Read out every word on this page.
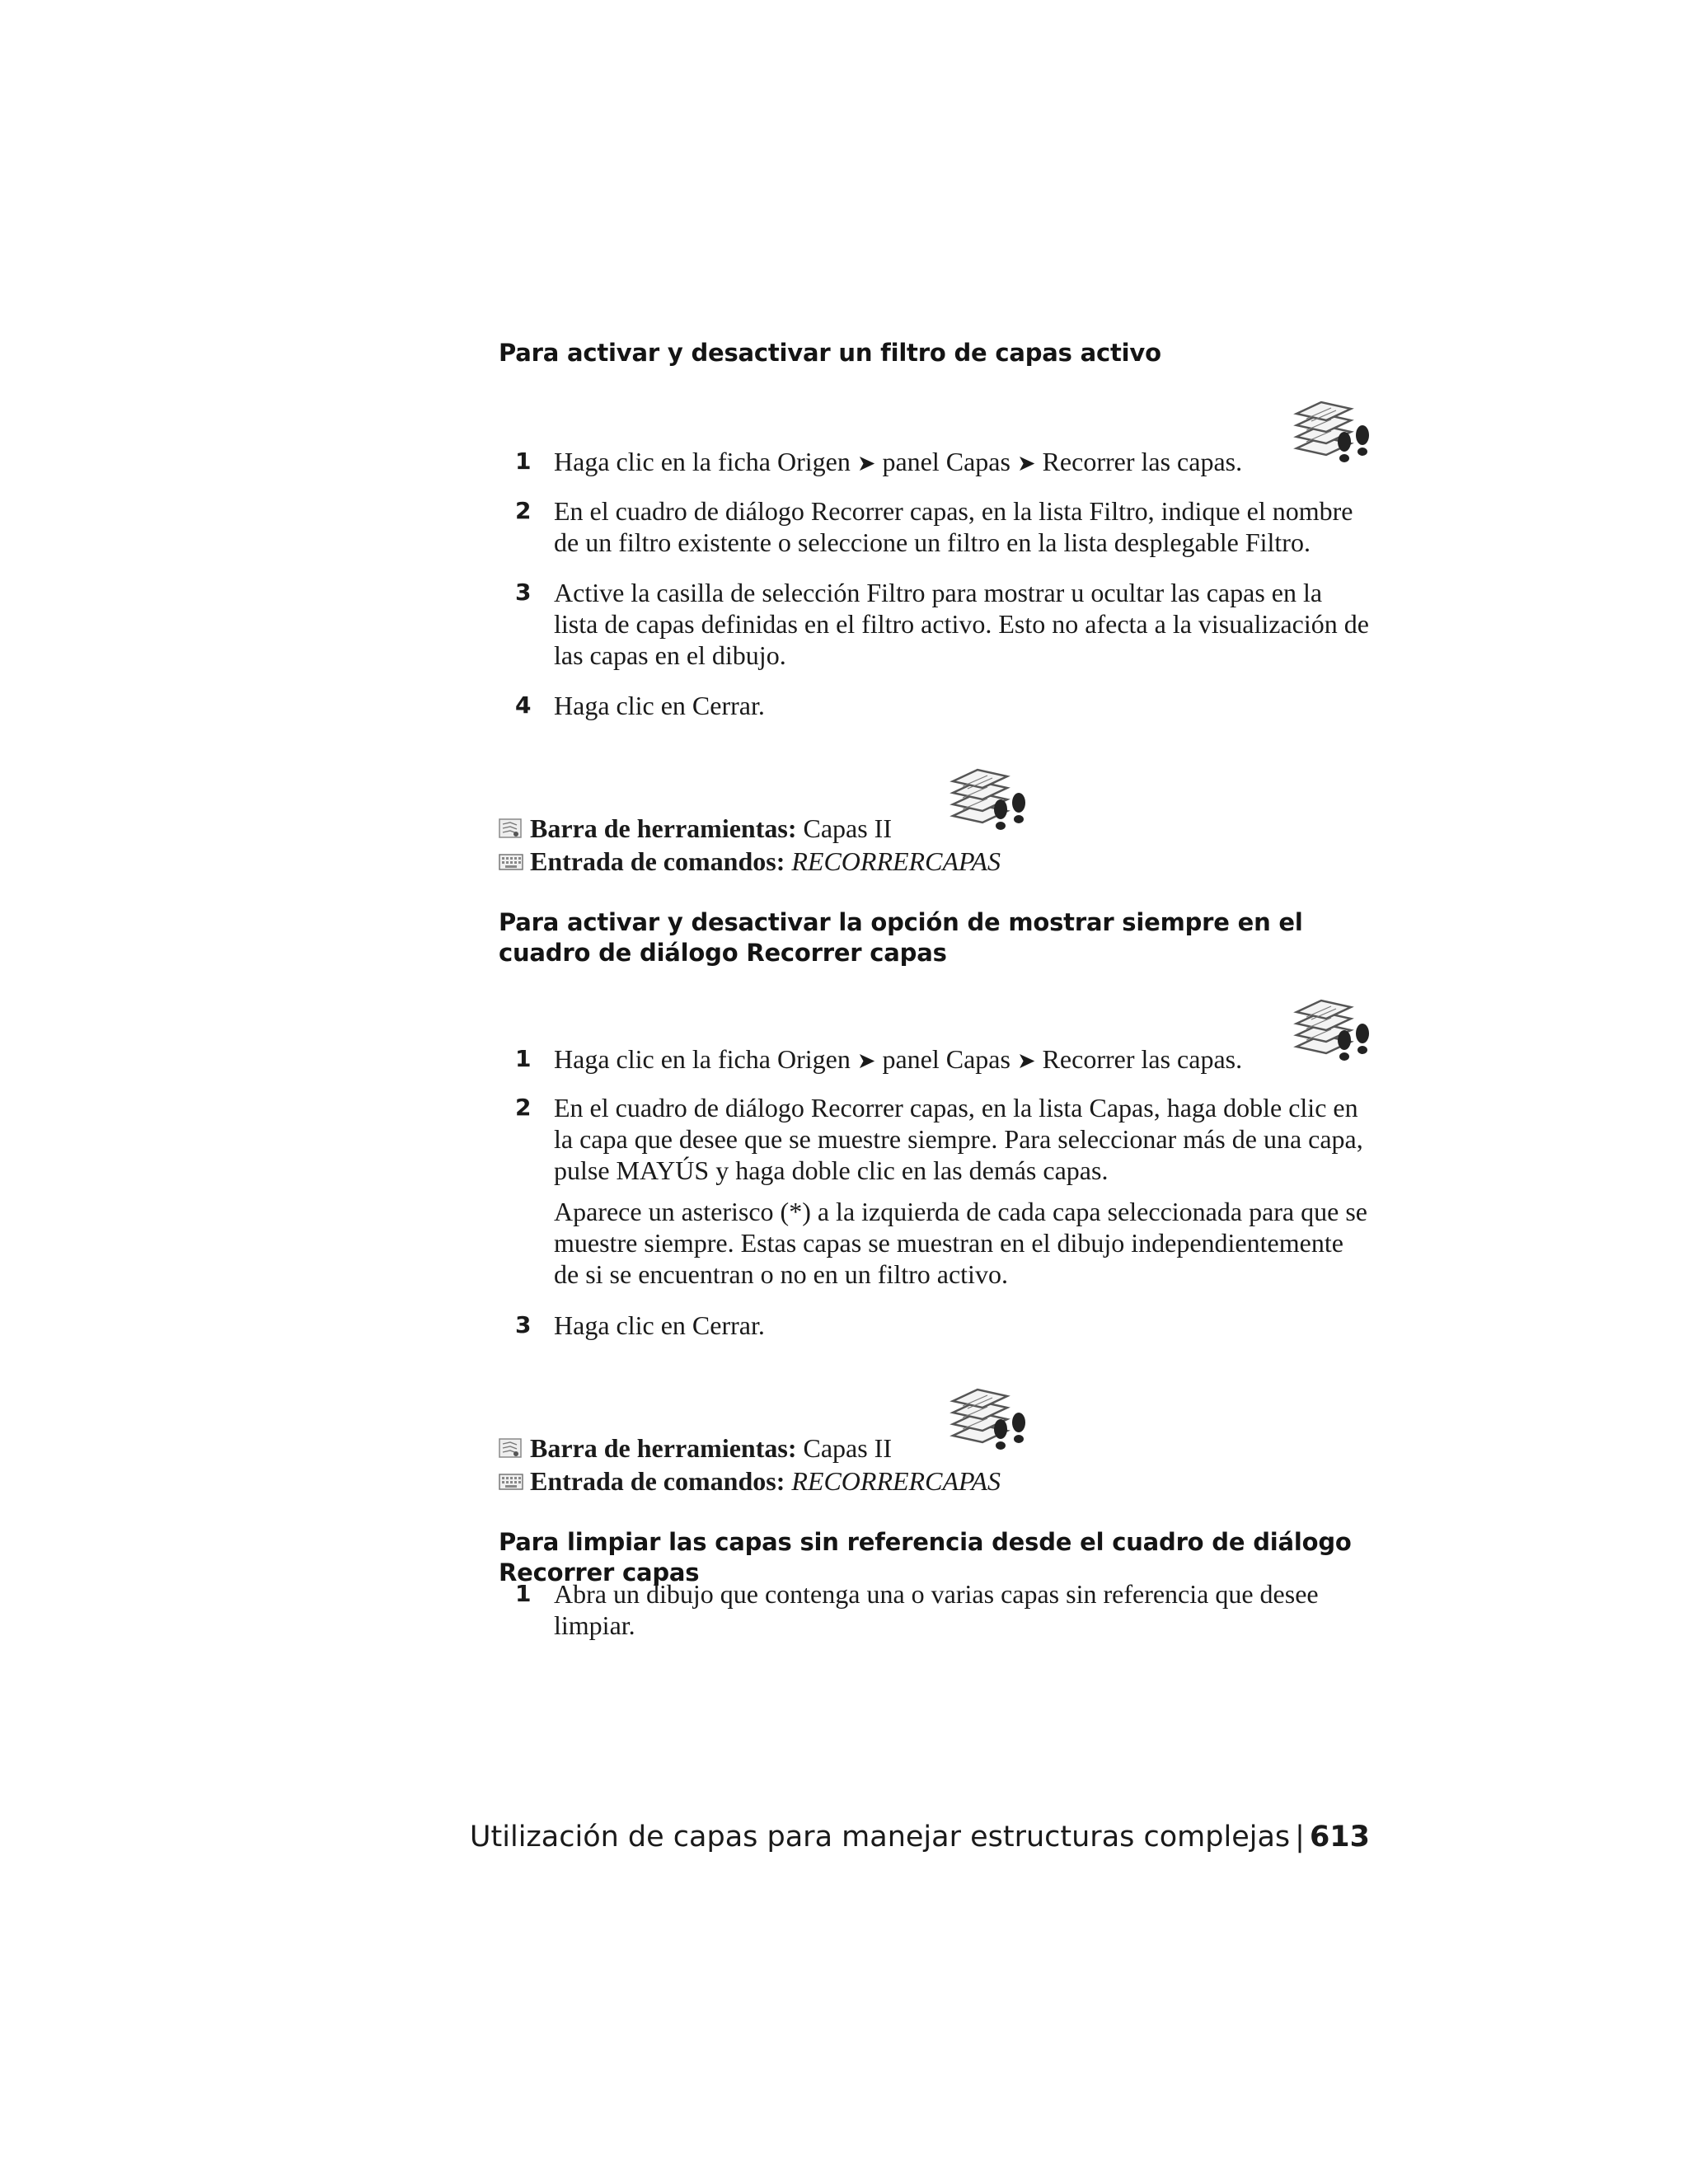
Para activar y desactivar un filtro de capas activo
1 Haga clic en la ficha Origen ➤ panel Capas ➤ Recorrer las capas.
2 En el cuadro de diálogo Recorrer capas, en la lista Filtro, indique el nombre de un filtro existente o seleccione un filtro en la lista desplegable Filtro.

3 Active la casilla de selección Filtro para mostrar u ocultar las capas en la lista de capas definidas en el filtro activo. Esto no afecta a la visualización de las capas en el dibujo.

4 Haga clic en Cerrar.

Barra de herramientas: Capas II
Entrada de comandos: RECORRERCAPAS
Para activar y desactivar la opción de mostrar siempre en el cuadro de diálogo Recorrer capas
1 Haga clic en la ficha Origen ➤ panel Capas ➤ Recorrer las capas.
2 En el cuadro de diálogo Recorrer capas, en la lista Capas, haga doble clic en la capa que desee que se muestre siempre. Para seleccionar más de una capa, pulse MAYÚS y haga doble clic en las demás capas.

Aparece un asterisco (*) a la izquierda de cada capa seleccionada para que se muestre siempre. Estas capas se muestran en el dibujo independientemente de si se encuentran o no en un filtro activo.

3 Haga clic en Cerrar.

Barra de herramientas: Capas II
Entrada de comandos: RECORRERCAPAS
Para limpiar las capas sin referencia desde el cuadro de diálogo Recorrer capas
1 Abra un dibujo que contenga una o varias capas sin referencia que desee limpiar.

Utilización de capas para manejar estructuras complejas | 613
